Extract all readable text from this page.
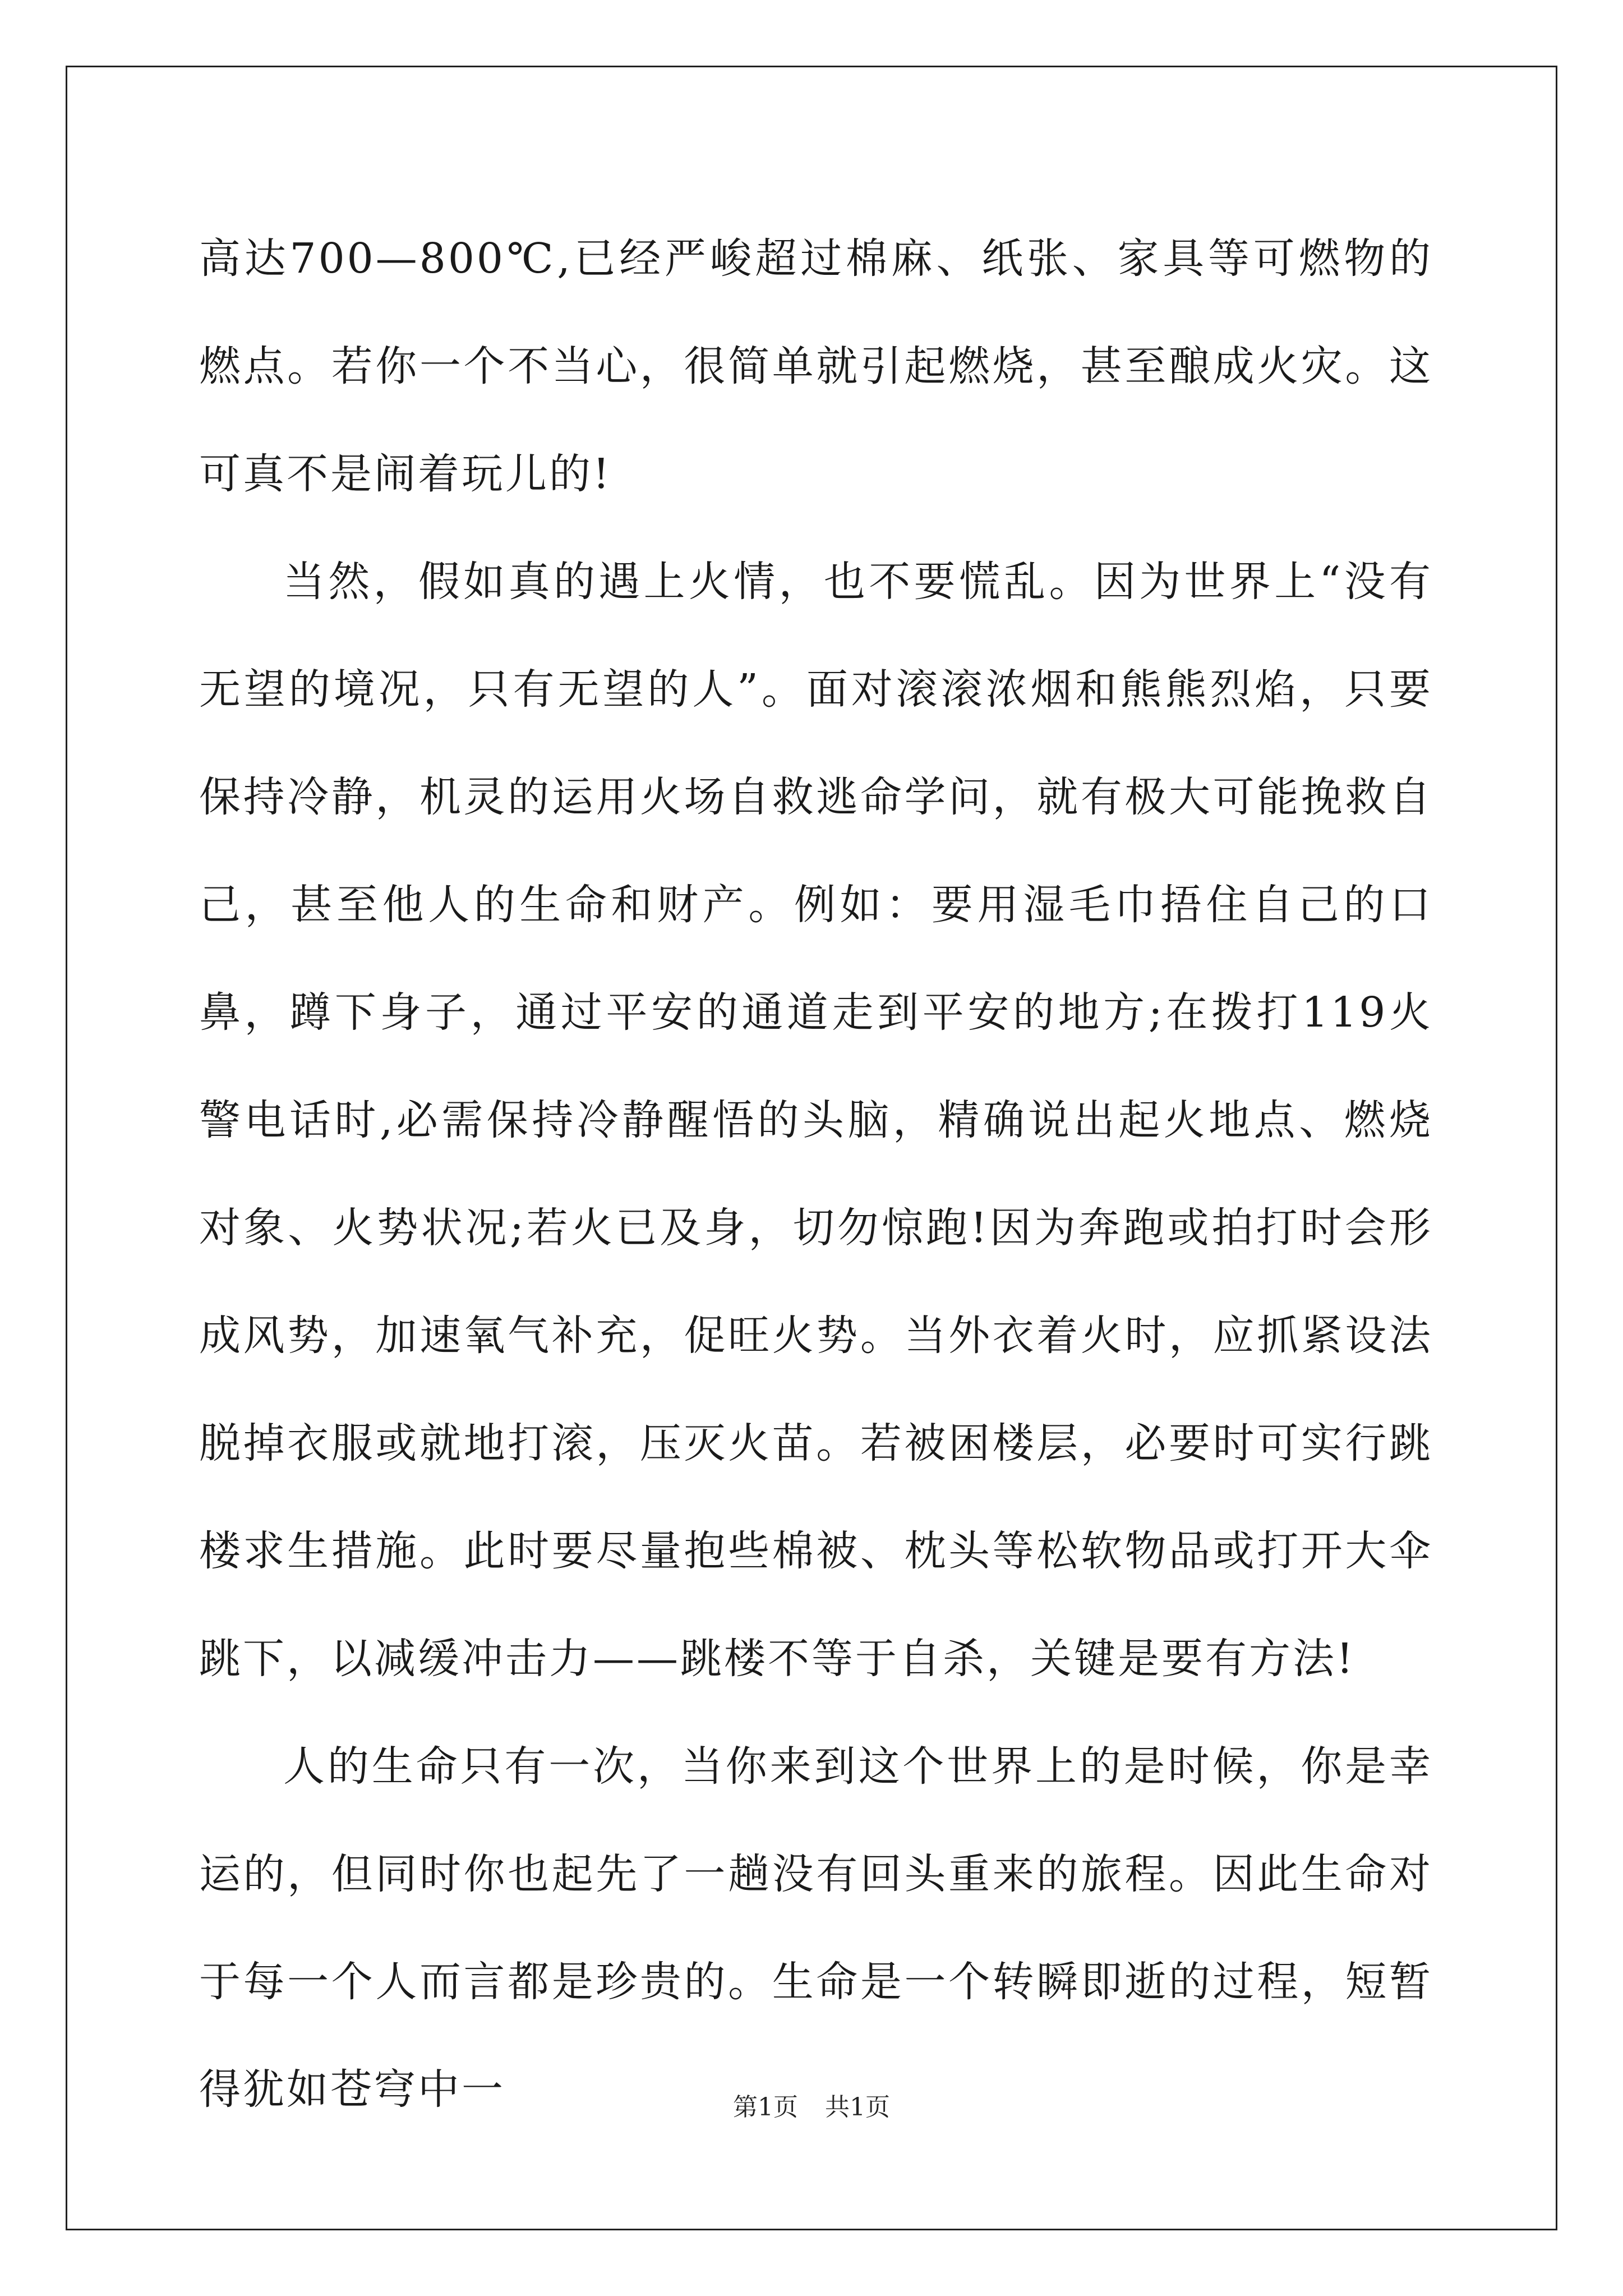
高达700—800℃,已经严峻超过棉麻、纸张、家具等可燃物的燃点。若你一个不当心，很简单就引起燃烧，甚至酿成火灾。这可真不是闹着玩儿的!

当然，假如真的遇上火情，也不要慌乱。因为世界上“没有无望的境况，只有无望的人”。面对滚滚浓烟和熊熊烈焰，只要保持冷静，机灵的运用火场自救逃命学问，就有极大可能挽救自己，甚至他人的生命和财产。例如：要用湿毛巾捂住自己的口鼻，蹲下身子，通过平安的通道走到平安的地方;在拨打119火警电话时,必需保持冷静醒悟的头脑，精确说出起火地点、燃烧对象、火势状况;若火已及身，切勿惊跑!因为奔跑或拍打时会形成风势，加速氧气补充，促旺火势。当外衣着火时，应抓紧设法脱掉衣服或就地打滚，压灭火苗。若被困楼层，必要时可实行跳楼求生措施。此时要尽量抱些棉被、枕头等松软物品或打开大伞跳下，以减缓冲击力——跳楼不等于自杀，关键是要有方法!

人的生命只有一次，当你来到这个世界上的是时候，你是幸运的，但同时你也起先了一趟没有回头重来的旅程。因此生命对于每一个人而言都是珍贵的。生命是一个转瞬即逝的过程，短暂得犹如苍穹中一	第1页 共1页
